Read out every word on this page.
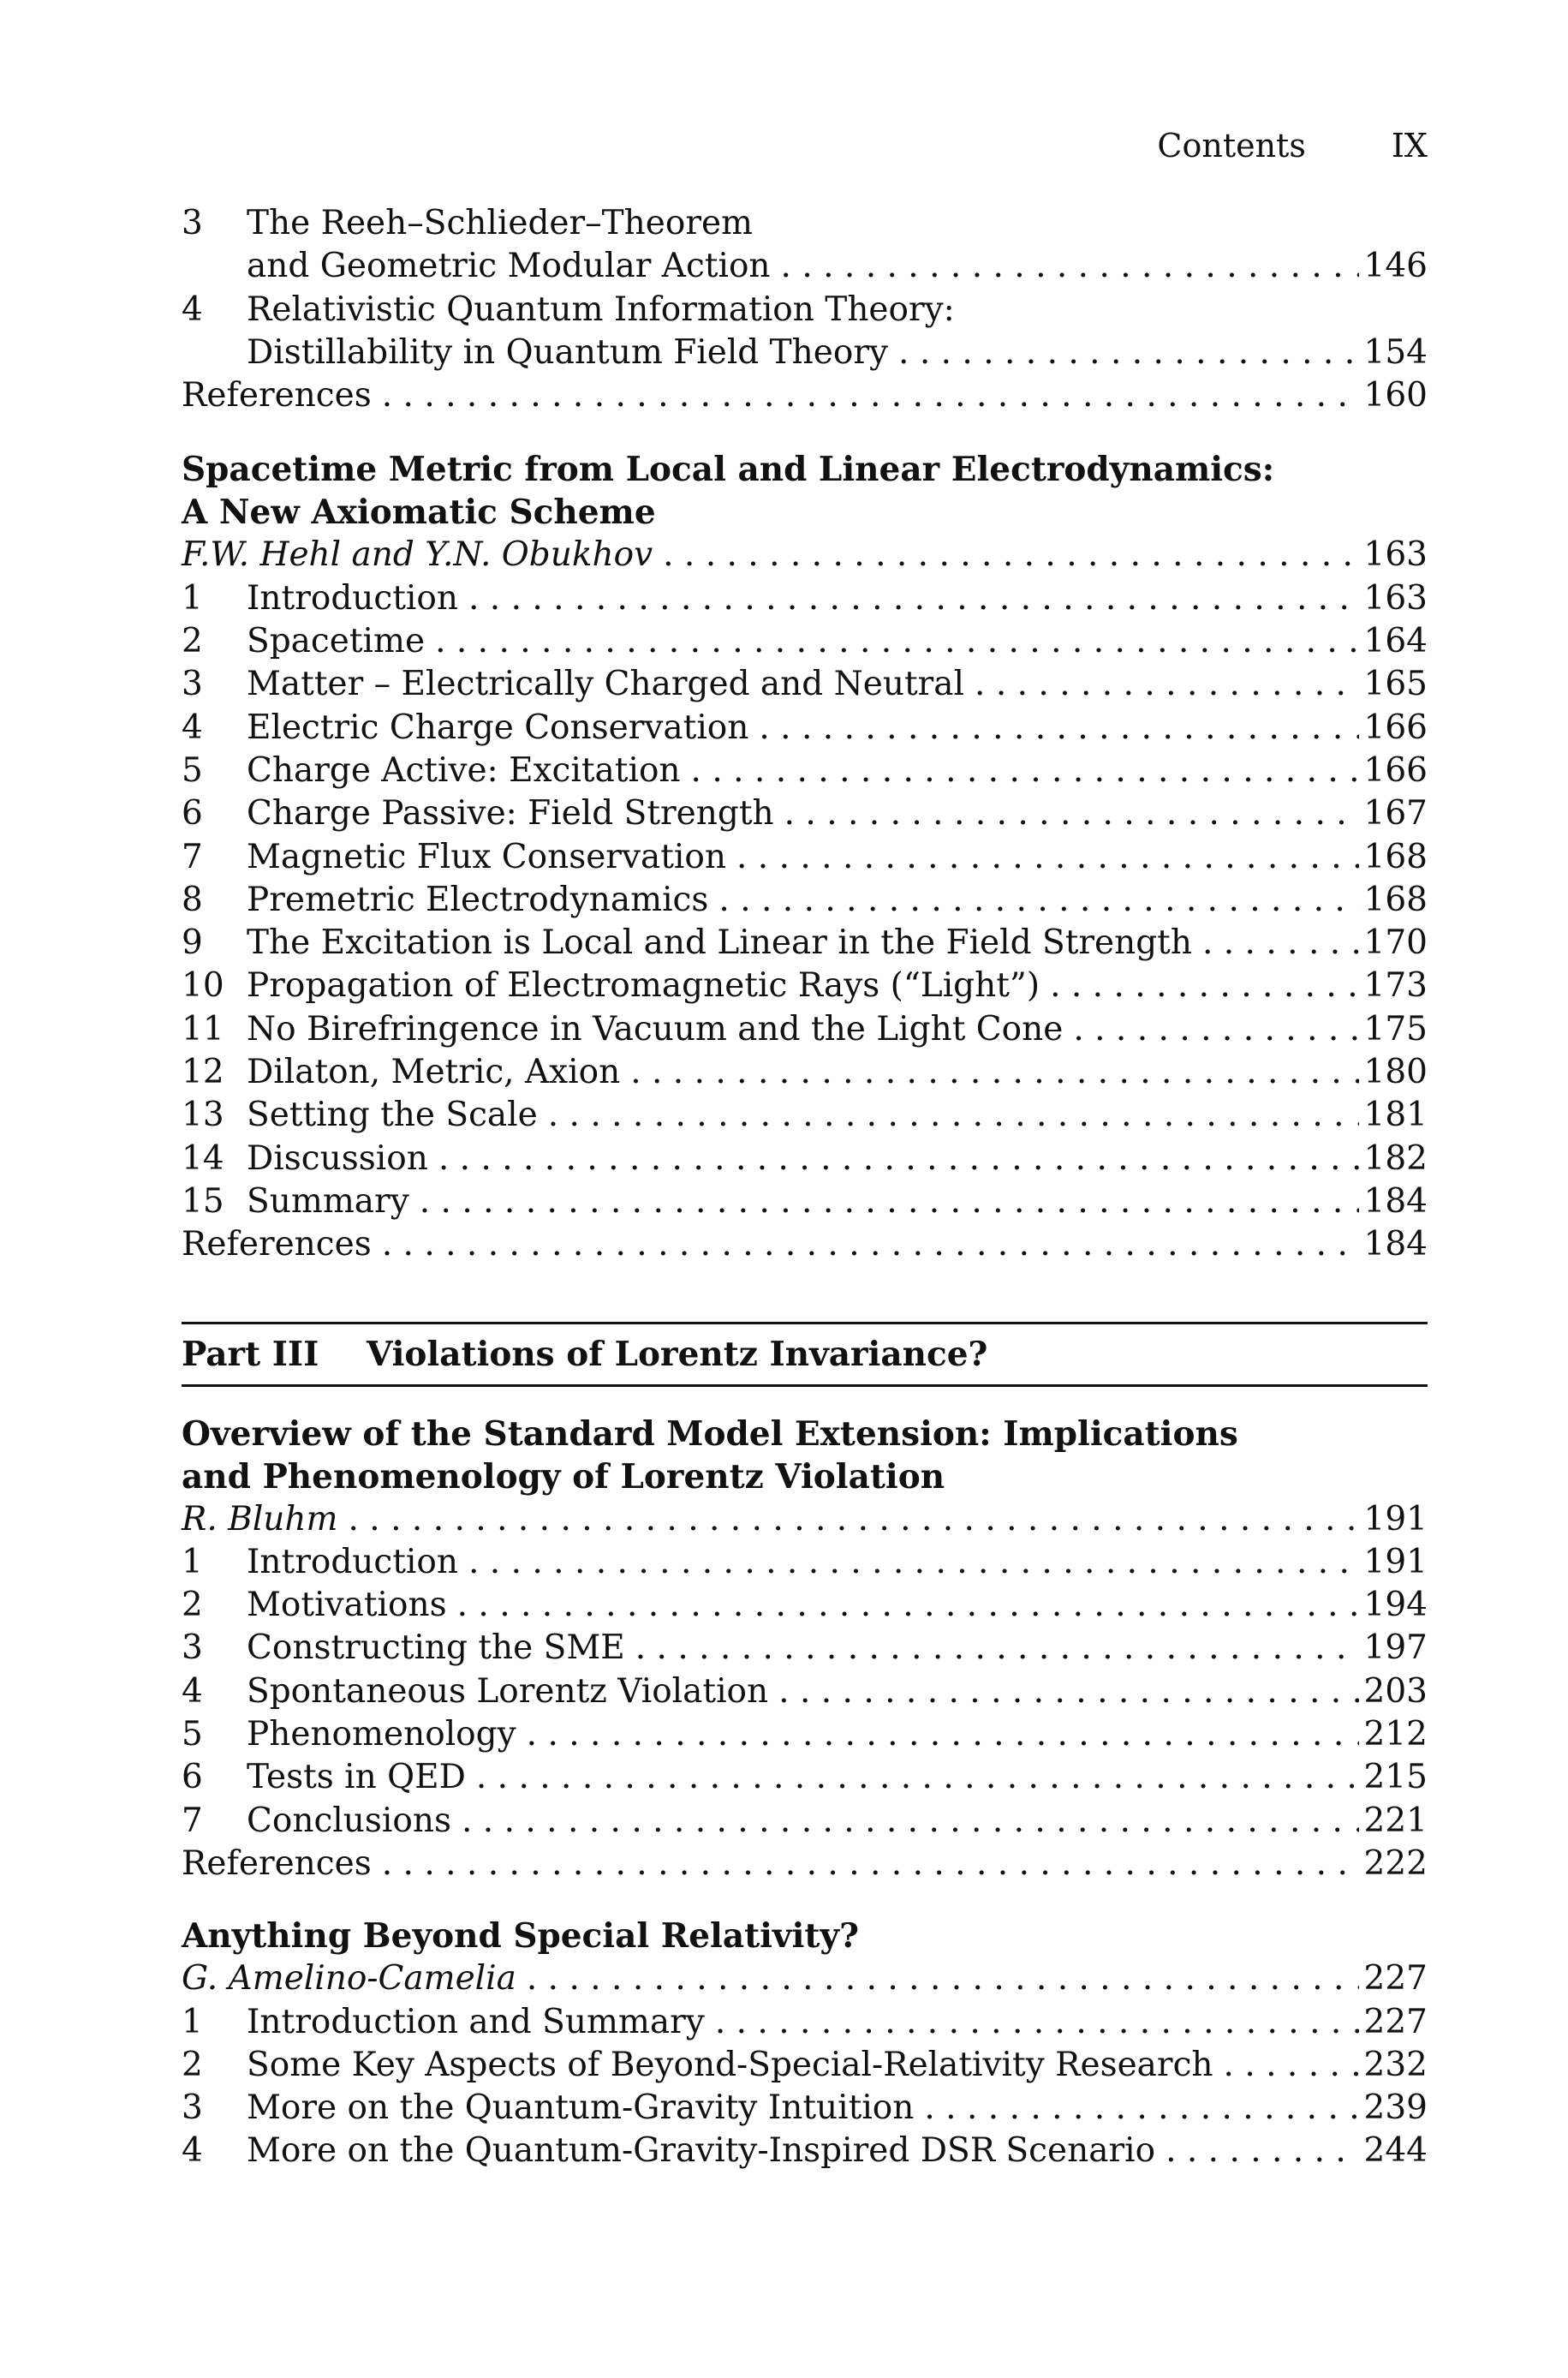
Contents	IX
3 The Reeh–Schlieder–Theorem
and Geometric Modular Action . . .	146
4 Relativistic Quantum Information Theory:
Distillability in Quantum Field Theory . . .	154
References . . .	160
Spacetime Metric from Local and Linear Electrodynamics:
A New Axiomatic Scheme
F.W. Hehl and Y.N. Obukhov . . .	163
1	Introduction . . .	163
2	Spacetime . . .	164
3	Matter – Electrically Charged and Neutral . . .	165
4	Electric Charge Conservation . . .	166
5	Charge Active: Excitation . . .	166
6	Charge Passive: Field Strength . . .	167
7	Magnetic Flux Conservation . . .	168
8	Premetric Electrodynamics . . .	168
9	The Excitation is Local and Linear in the Field Strength . . .	170
10 Propagation of Electromagnetic Rays (“Light”) . . .	173
11 No Birefringence in Vacuum and the Light Cone . . .	175
12 Dilaton, Metric, Axion . . .	180
13 Setting the Scale . . .	181
14 Discussion . . .	182
15 Summary . . .	184
References . . .	184
Part III Violations of Lorentz Invariance?
Overview of the Standard Model Extension: Implications
and Phenomenology of Lorentz Violation
R. Bluhm . . .	191
1	Introduction . . .	191
2	Motivations . . .	194
3	Constructing the SME . . .	197
4	Spontaneous Lorentz Violation . . .	203
5	Phenomenology . . .	212
6	Tests in QED . . .	215
7	Conclusions . . .	221
References . . .	222
Anything Beyond Special Relativity?
G. Amelino-Camelia . . .	227
1	Introduction and Summary . . .	227
2	Some Key Aspects of Beyond-Special-Relativity Research . . .	232
3	More on the Quantum-Gravity Intuition . . .	239
4	More on the Quantum-Gravity-Inspired DSR Scenario . . .	244
